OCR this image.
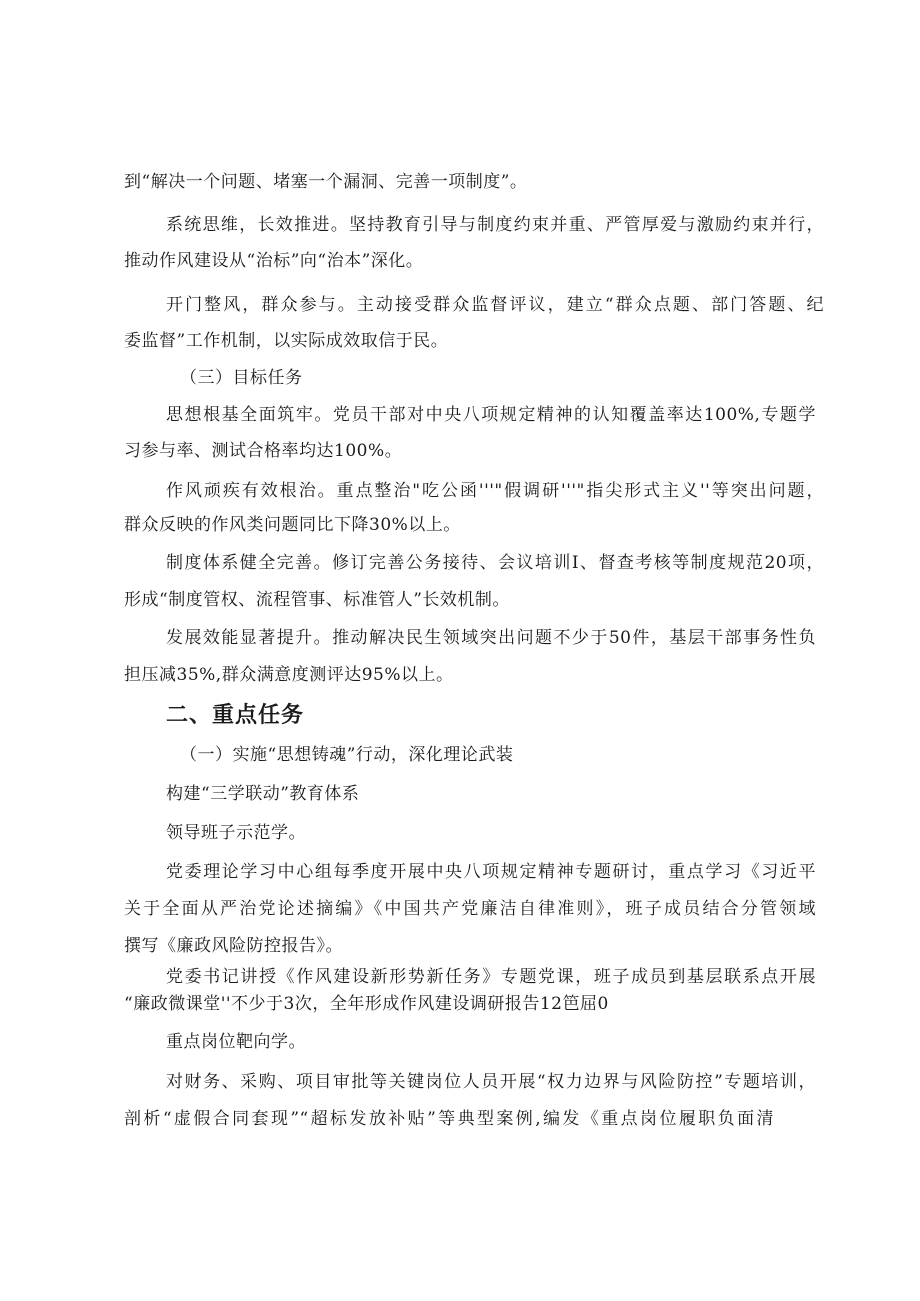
到“解决一个问题、堵塞一个漏洞、完善一项制度”。
系统思维，长效推进。坚持教育引导与制度约束并重、严管厚爱与激励约束并行，
推动作风建设从“治标”向“治本”深化。
开门整风，群众参与。主动接受群众监督评议，建立“群众点题、部门答题、纪
委监督”工作机制，以实际成效取信于民。
（三）目标任务
思想根基全面筑牢。党员干部对中央八项规定精神的认知覆盖率达100%,专题学
习参与率、测试合格率均达100%。
作风顽疾有效根治。重点整治"吃公函'''"假调研'''"指尖形式主义''等突出问题，
群众反映的作风类问题同比下降30%以上。
制度体系健全完善。修订完善公务接待、会议培训I、督查考核等制度规范20项，
形成“制度管权、流程管事、标准管人”长效机制。
发展效能显著提升。推动解决民生领域突出问题不少于50件，基层干部事务性负
担压减35%,群众满意度测评达95%以上。
二、重点任务
（一）实施“思想铸魂”行动，深化理论武装
构建“三学联动”教育体系
领导班子示范学。
党委理论学习中心组每季度开展中央八项规定精神专题研讨，重点学习《习近平
关于全面从严治党论述摘编》《中国共产党廉洁自律准则》，班子成员结合分管领域
撰写《廉政风险防控报告》。
党委书记讲授《作风建设新形势新任务》专题党课，班子成员到基层联系点开展
“廉政微课堂''不少于3次，全年形成作风建设调研报告12笆屈0
重点岗位靶向学。
对财务、采购、项目审批等关键岗位人员开展“权力边界与风险防控”专题培训，
剖析“虚假合同套现”“超标发放补贴”等典型案例,编发《重点岗位履职负面清
